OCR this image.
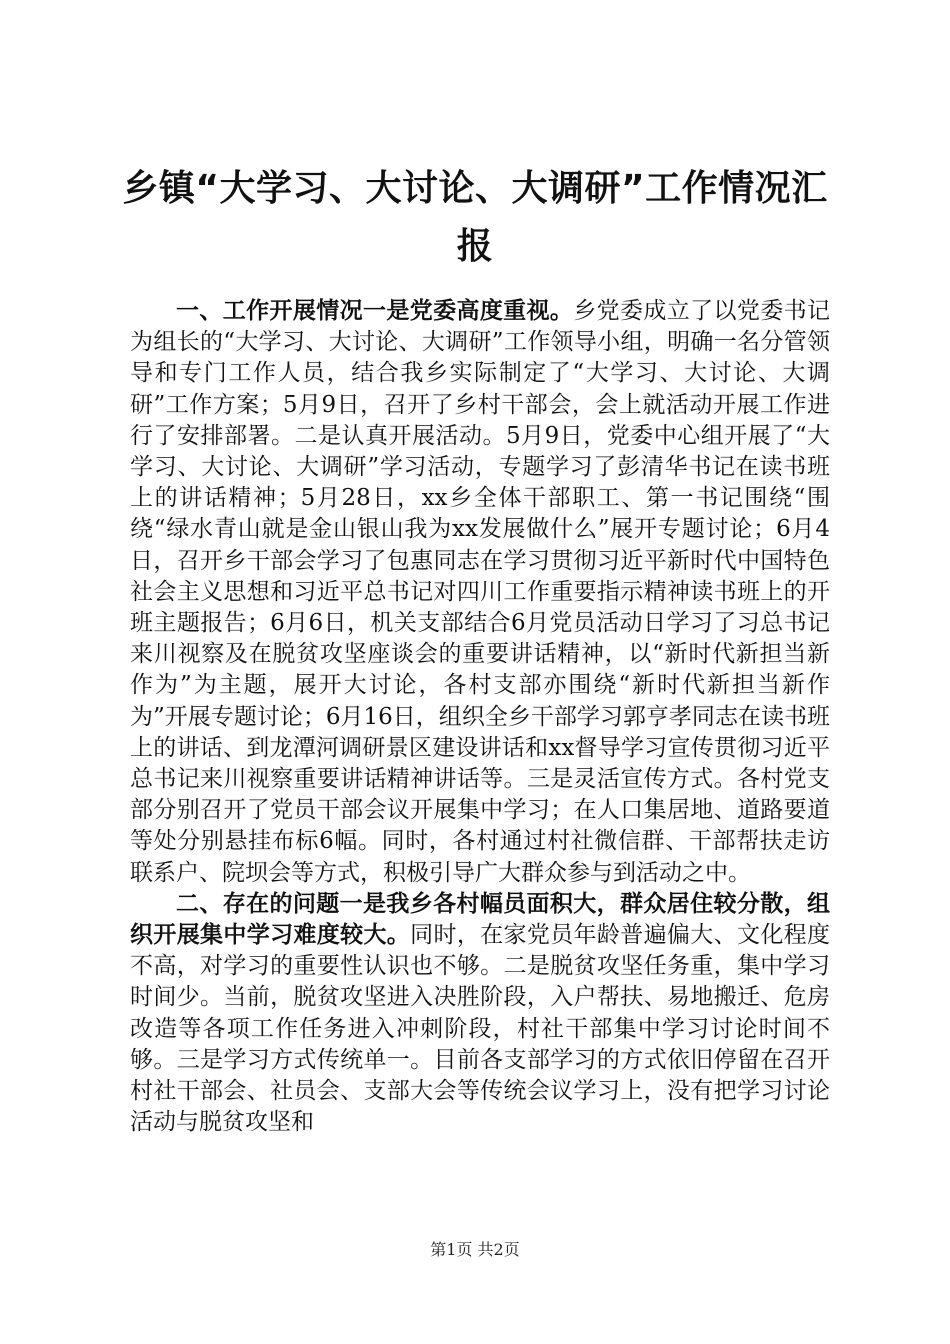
乡镇“大学习、大讨论、大调研”工作情况汇报

一、工作开展情况一是党委高度重视。乡党委成立了以党委书记为组长的“大学习、大讨论、大调研”工作领导小组，明确一名分管领导和专门工作人员，结合我乡实际制定了“大学习、大讨论、大调研”工作方案；5月9日，召开了乡村干部会，会上就活动开展工作进行了安排部署。二是认真开展活动。5月9日，党委中心组开展了“大学习、大讨论、大调研”学习活动，专题学习了彭清华书记在读书班上的讲话精神；5月28日，xx乡全体干部职工、第一书记围绕“围绕“绿水青山就是金山银山我为xx发展做什么”展开专题讨论；6月4日，召开乡干部会学习了包惠同志在学习贯彻习近平新时代中国特色社会主义思想和习近平总书记对四川工作重要指示精神读书班上的开班主题报告；6月6日，机关支部结合6月党员活动日学习了习总书记来川视察及在脱贫攻坚座谈会的重要讲话精神，以“新时代新担当新作为”为主题，展开大讨论，各村支部亦围绕“新时代新担当新作为”开展专题讨论；6月16日，组织全乡干部学习郭亨孝同志在读书班上的讲话、到龙潭河调研景区建设讲话和xx督导学习宣传贯彻习近平总书记来川视察重要讲话精神讲话等。三是灵活宣传方式。各村党支部分别召开了党员干部会议开展集中学习；在人口集居地、道路要道等处分别悬挂布标6幅。同时，各村通过村社微信群、干部帮扶走访联系户、院坝会等方式，积极引导广大群众参与到活动之中。

二、存在的问题一是我乡各村幅员面积大，群众居住较分散，组织开展集中学习难度较大。同时，在家党员年龄普遍偏大、文化程度不高，对学习的重要性认识也不够。二是脱贫攻坚任务重，集中学习时间少。当前，脱贫攻坚进入决胜阶段，入户帮扶、易地搬迁、危房改造等各项工作任务进入冲刺阶段，村社干部集中学习讨论时间不够。三是学习方式传统单一。目前各支部学习的方式依旧停留在召开村社干部会、社员会、支部大会等传统会议学习上，没有把学习讨论活动与脱贫攻坚和

第1页 共2页
